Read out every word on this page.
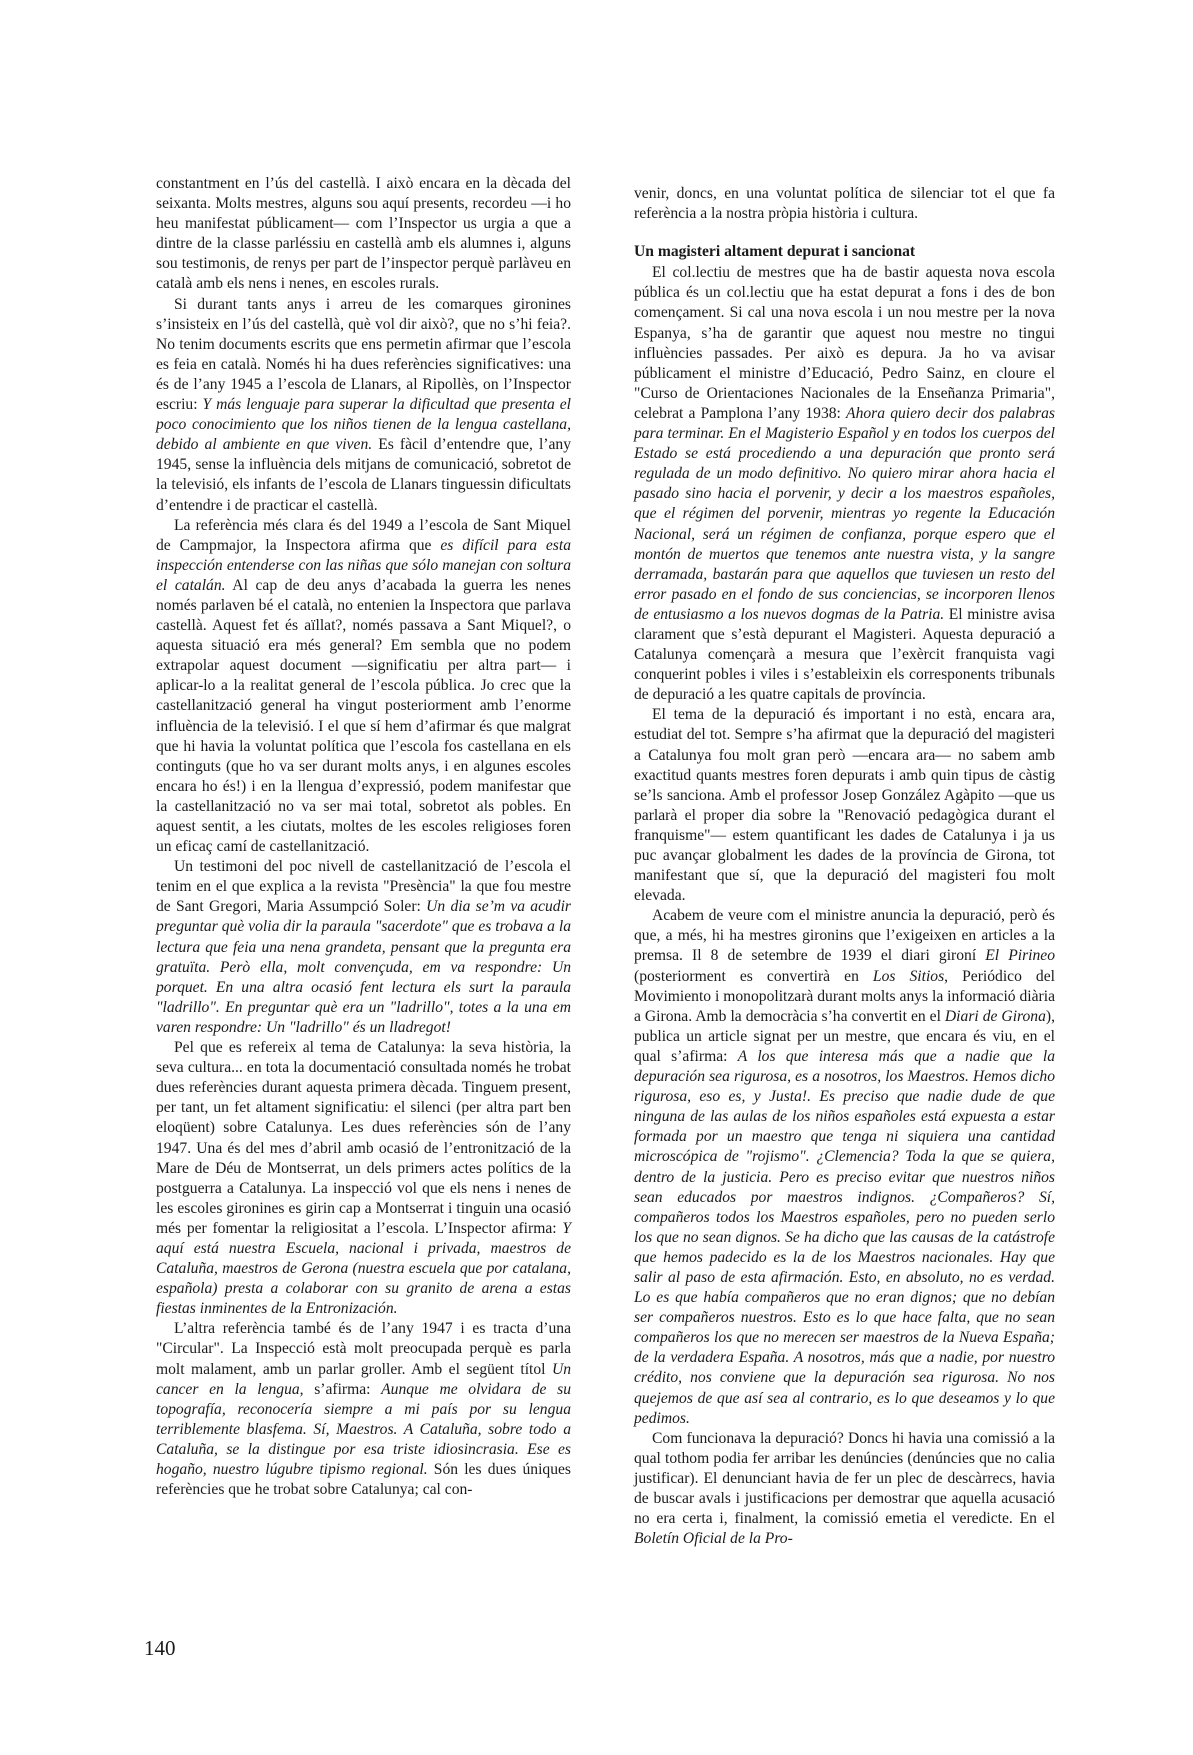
constantment en l’ús del castellà. I això encara en la dècada del seixanta. Molts mestres, alguns sou aquí presents, recordeu —i ho heu manifestat públicament— com l’Inspector us urgia a que a dintre de la classe parléssiu en castellà amb els alumnes i, alguns sou testimonis, de renys per part de l’inspector perquè parlàveu en català amb els nens i nenes, en escoles rurals.

Si durant tants anys i arreu de les comarques gironines s’insisteix en l’ús del castellà, què vol dir això?, que no s’hi feia?. No tenim documents escrits que ens permetin afirmar que l’escola es feia en català. Només hi ha dues referències significatives: una és de l’any 1945 a l’escola de Llanars, al Ripollès, on l’Inspector escriu: Y más lenguaje para superar la dificultad que presenta el poco conocimiento que los niños tienen de la lengua castellana, debido al ambiente en que viven. Es fàcil d’entendre que, l’any 1945, sense la influència dels mitjans de comunicació, sobretot de la televisió, els infants de l’escola de Llanars tinguessin dificultats d’entendre i de practicar el castellà.

La referència més clara és del 1949 a l’escola de Sant Miquel de Campmajor, la Inspectora afirma que es difícil para esta inspección entenderse con las niñas que sólo manejan con soltura el catalán. Al cap de deu anys d’acabada la guerra les nenes només parlaven bé el català, no entenien la Inspectora que parlava castellà. Aquest fet és aïllat?, només passava a Sant Miquel?, o aquesta situació era més general? Em sembla que no podem extrapolar aquest document —significatiu per altra part— i aplicar-lo a la realitat general de l’escola pública. Jo crec que la castellanització general ha vingut posteriorment amb l’enorme influència de la televisió. I el que sí hem d’afirmar és que malgrat que hi havia la voluntat política que l’escola fos castellana en els continguts (que ho va ser durant molts anys, i en algunes escoles encara ho és!) i en la llengua d’expressió, podem manifestar que la castellanització no va ser mai total, sobretot als pobles. En aquest sentit, a les ciutats, moltes de les escoles religioses foren un eficaç camí de castellanització.

Un testimoni del poc nivell de castellanització de l’escola el tenim en el que explica a la revista "Presència" la que fou mestre de Sant Gregori, Maria Assumpció Soler: Un dia se’m va acudir preguntar què volia dir la paraula "sacerdote" que es trobava a la lectura que feia una nena grandeta, pensant que la pregunta era gratuïta. Però ella, molt convençuda, em va respondre: Un porquet. En una altra ocasió fent lectura els surt la paraula "ladrillo". En preguntar què era un "ladrillo", totes a la una em varen respondre: Un "ladrillo" és un lladregot!

Pel que es refereix al tema de Catalunya: la seva història, la seva cultura... en tota la documentació consultada només he trobat dues referències durant aquesta primera dècada. Tinguem present, per tant, un fet altament significatiu: el silenci (per altra part ben eloqüent) sobre Catalunya. Les dues referències són de l’any 1947. Una és del mes d’abril amb ocasió de l’entronització de la Mare de Déu de Montserrat, un dels primers actes polítics de la postguerra a Catalunya. La inspecció vol que els nens i nenes de les escoles gironines es girin cap a Montserrat i tinguin una ocasió més per fomentar la religiositat a l’escola. L’Inspector afirma: Y aquí está nuestra Escuela, nacional i privada, maestros de Cataluña, maestros de Gerona (nuestra escuela que por catalana, española) presta a colaborar con su granito de arena a estas fiestas inminentes de la Entronización.

L’altra referència també és de l’any 1947 i es tracta d’una "Circular". La Inspecció està molt preocupada perquè es parla molt malament, amb un parlar groller. Amb el següent títol Un cancer en la lengua, s’afirma: Aunque me olvidara de su topografía, reconocería siempre a mi país por su lengua terriblemente blasfema. Sí, Maestros. A Cataluña, sobre todo a Cataluña, se la distingue por esa triste idiosincrasia. Ese es hogaño, nuestro lúgubre tipismo regional. Són les dues úniques referències que he trobat sobre Catalunya; cal con-

venir, doncs, en una voluntat política de silenciar tot el que fa referència a la nostra pròpia història i cultura.

Un magisteri altament depurat i sancionat

El col.lectiu de mestres que ha de bastir aquesta nova escola pública és un col.lectiu que ha estat depurat a fons i des de bon començament. Si cal una nova escola i un nou mestre per la nova Espanya, s’ha de garantir que aquest nou mestre no tingui influències passades. Per això es depura. Ja ho va avisar públicament el ministre d’Educació, Pedro Sainz, en cloure el "Curso de Orientaciones Nacionales de la Enseñanza Primaria", celebrat a Pamplona l’any 1938: Ahora quiero decir dos palabras para terminar. En el Magisterio Español y en todos los cuerpos del Estado se está procediendo a una depuración que pronto será regulada de un modo definitivo. No quiero mirar ahora hacia el pasado sino hacia el porvenir, y decir a los maestros españoles, que el régimen del porvenir, mientras yo regente la Educación Nacional, será un régimen de confianza, porque espero que el montón de muertos que tenemos ante nuestra vista, y la sangre derramada, bastarán para que aquellos que tuviesen un resto del error pasado en el fondo de sus conciencias, se incorporen llenos de entusiasmo a los nuevos dogmas de la Patria. El ministre avisa clarament que s’està depurant el Magisteri. Aquesta depuració a Catalunya començarà a mesura que l’exèrcit franquista vagi conquerint pobles i viles i s’estableixin els corresponents tribunals de depuració a les quatre capitals de província.

El tema de la depuració és important i no està, encara ara, estudiat del tot. Sempre s’ha afirmat que la depuració del magisteri a Catalunya fou molt gran però —encara ara— no sabem amb exactitud quants mestres foren depurats i amb quin tipus de càstig se’ls sanciona. Amb el professor Josep González Agàpito —que us parlarà el proper dia sobre la "Renovació pedagògica durant el franquisme"— estem quantificant les dades de Catalunya i ja us puc avançar globalment les dades de la província de Girona, tot manifestant que sí, que la depuració del magisteri fou molt elevada.

Acabem de veure com el ministre anuncia la depuració, però és que, a més, hi ha mestres gironins que l’exigeixen en articles a la premsa. Il 8 de setembre de 1939 el diari gironí El Pirineo (posteriorment es convertirà en Los Sitios, Periódico del Movimiento i monopolitzarà durant molts anys la informació diària a Girona. Amb la democràcia s’ha convertit en el Diari de Girona), publica un article signat per un mestre, que encara és viu, en el qual s’afirma: A los que interesa más que a nadie que la depuración sea rigurosa, es a nosotros, los Maestros. Hemos dicho rigurosa, eso es, y Justa!. Es preciso que nadie dude de que ninguna de las aulas de los niños españoles está expuesta a estar formada por un maestro que tenga ni siquiera una cantidad microscópica de "rojismo". ¿Clemencia? Toda la que se quiera, dentro de la justicia. Pero es preciso evitar que nuestros niños sean educados por maestros indignos. ¿Compañeros? Sí, compañeros todos los Maestros españoles, pero no pueden serlo los que no sean dignos. Se ha dicho que las causas de la catástrofe que hemos padecido es la de los Maestros nacionales. Hay que salir al paso de esta afirmación. Esto, en absoluto, no es verdad. Lo es que había compañeros que no eran dignos; que no debían ser compañeros nuestros. Esto es lo que hace falta, que no sean compañeros los que no merecen ser maestros de la Nueva España; de la verdadera España. A nosotros, más que a nadie, por nuestro crédito, nos conviene que la depuración sea rigurosa. No nos quejemos de que así sea al contrario, es lo que deseamos y lo que pedimos.

Com funcionava la depuració? Doncs hi havia una comissió a la qual tothom podia fer arribar les denúncies (denúncies que no calia justificar). El denunciant havia de fer un plec de descàrrecs, havia de buscar avals i justificacions per demostrar que aquella acusació no era certa i, finalment, la comissió emetia el veredicte. En el Boletín Oficial de la Pro-

140
